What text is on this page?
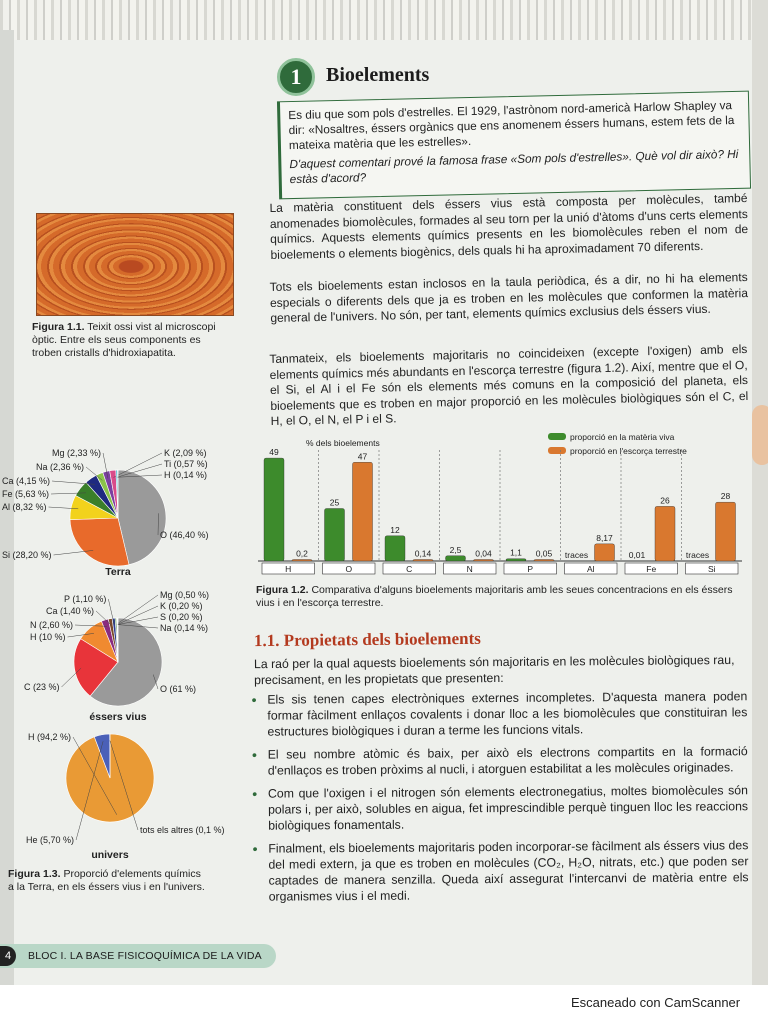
1	Bioelements

Es diu que som pols d'estrelles. El 1929, l'astrònom nord-americà Harlow Shapley va dir: «Nosaltres, éssers orgànics que ens anomenem éssers humans, estem fets de la mateixa matèria que les estrelles».

D'aquest comentari prové la famosa frase «Som pols d'estrelles». Què vol dir això? Hi estàs d'acord?

La matèria constituent dels éssers vius està composta per molècules, també anomenades biomolècules, formades al seu torn per la unió d'àtoms d'uns certs elements químics. Aquests elements químics presents en les biomolècules reben el nom de bioelements o elements biogènics, dels quals hi ha aproximadament 70 diferents.

Tots els bioelements estan inclosos en la taula periòdica, és a dir, no hi ha elements especials o diferents dels que ja es troben en les molècules que conformen la matèria general de l'univers. No són, per tant, elements químics exclusius dels éssers vius.

Tanmateix, els bioelements majoritaris no coincideixen (excepte l'oxigen) amb els elements químics més abundants en l'escorça terrestre (figura 1.2). Així, mentre que el O, el Si, el Al i el Fe són els elements més comuns en la composició del planeta, els bioelements que es troben en major proporció en les molècules biològiques són el C, el H, el O, el N, el P i el S.

Figura 1.1. Teixit ossi vist al microscopi òptic. Entre els seus components es troben cristalls d'hidroxiapatita.
O (46,40 %)
Si (28,20 %)
Al (8,32 %)
Fe (5,63 %)
Ca (4,15 %)
Na (2,36 %)
Mg (2,33 %)	K (2,09 %)
Ti (0,57 %)
H (0,14 %)
Terra
O (61 %)
C (23 %)
H (10 %)
N (2,60 %)
Ca (1,40 %)
P (1,10 %)	Mg (0,50 %)
K (0,20 %)
S (0,20 %)
Na (0,14 %)
éssers vius
H (94,2 %)
He (5,70 %)
tots els altres (0,1 %)
univers
Figura 1.3. Proporció d'elements químics a la Terra, en els éssers vius i en l'univers.
% dels bioelements
proporció en la matèria viva
proporció en l'escorça terrestre
49
0,2
H
25
47
O
12
0,14
C
2,5 0,04
N
1,1 0,05
P
traces
8,17
Al
0,01
26
Fe
traces
28
Si
Figura 1.2. Comparativa d'alguns bioelements majoritaris amb les seues concentracions en els éssers vius i en l'escorça terrestre.
1.1. Propietats dels bioelements

La raó per la qual aquests bioelements són majoritaris en les molècules biològiques rau, precisament, en les propietats que presenten:

● Els sis tenen capes electròniques externes incompletes. D'aquesta manera poden formar fàcilment enllaços covalents i donar lloc a les biomolècules que constituiran les estructures biològiques i duran a terme les funcions vitals.
● El seu nombre atòmic és baix, per això els electrons compartits en la formació d'enllaços es troben pròxims al nucli, i atorguen estabilitat a les molècules originades.
● Com que l'oxigen i el nitrogen són elements electronegatius, moltes biomolècules són polars i, per això, solubles en aigua, fet imprescindible perquè tinguen lloc les reaccions biològiques fonamentals.
● Finalment, els bioelements majoritaris poden incorporar-se fàcilment als éssers vius des del medi extern, ja que es troben en molècules (CO₂, H₂O, nitrats, etc.) que poden ser captades de manera senzilla. Queda així assegurat l'intercanvi de matèria entre els organismes vius i el medi.
4	BLOC I. LA BASE FISICOQUÍMICA DE LA VIDA
Escaneado con CamScanner
